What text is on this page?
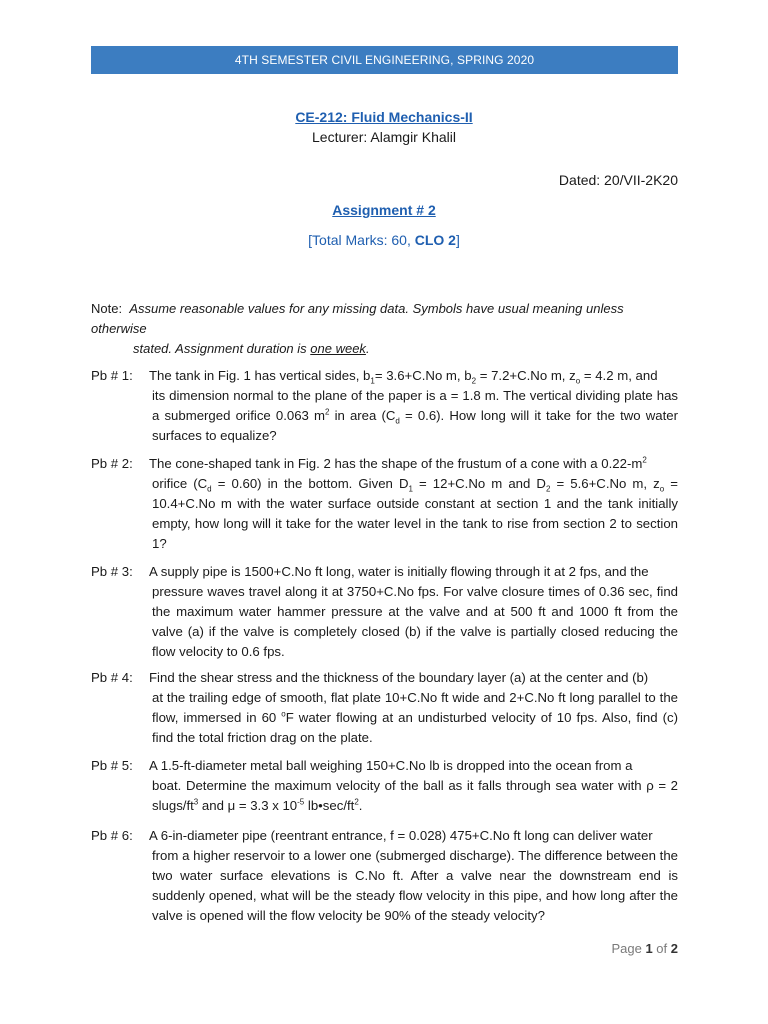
4TH SEMESTER CIVIL ENGINEERING, SPRING 2020
CE-212: Fluid Mechanics-II
Lecturer: Alamgir Khalil
Dated: 20/VII-2K20
Assignment # 2
[Total Marks: 60, CLO 2]
Note: Assume reasonable values for any missing data. Symbols have usual meaning unless otherwise
stated. Assignment duration is one week.
Pb # 1:	The tank in Fig. 1 has vertical sides, $b_1= 3.6+C.No$ m, $b_2 = 7.2+C.No$ m, $z_o = 4.2$ m, and
its dimension normal to the plane of the paper is a = 1.8 m. The vertical dividing plate has a submerged orifice 0.063 $m^2$ in area $(C_d = 0.6)$. How long will it take for the two water surfaces to equalize?
Pb # 2:	The cone-shaped tank in Fig. 2 has the shape of the frustum of a cone with a $0.22-m^2$
orifice $(C_d = 0.60)$ in the bottom. Given $D_1 = 12+C.No$ m and $D_2 = 5.6+C.No$ m, $z_o = 10.4+C.No$ m with the water surface outside constant at section 1 and the tank initially empty, how long will it take for the water level in the tank to rise from section 2 to section 1?
Pb # 3:	A supply pipe is 1500+C.No ft long, water is initially flowing through it at 2 fps, and the
pressure waves travel along it at 3750+C.No fps. For valve closure times of 0.36 sec, find the maximum water hammer pressure at the valve and at 500 ft and 1000 ft from the valve (a) if the valve is completely closed (b) if the valve is partially closed reducing the flow velocity to 0.6 fps.
Pb # 4:	Find the shear stress and the thickness of the boundary layer (a) at the center and (b)
at the trailing edge of smooth, flat plate 10+C.No ft wide and 2+C.No ft long parallel to the flow, immersed in 60 $^o$F water flowing at an undisturbed velocity of 10 fps. Also, find (c) find the total friction drag on the plate.
Pb # 5:	A 1.5-ft-diameter metal ball weighing 150+C.No lb is dropped into the ocean from a
boat. Determine the maximum velocity of the ball as it falls through sea water with ρ = 2 slugs/$ft^3$ and μ = 3.3 x $10^{-5}$ $lb•\sec/ft^2$.
Pb # 6:	A 6-in-diameter pipe (reentrant entrance, f = 0.028) 475+C.No ft long can deliver water
from a higher reservoir to a lower one (submerged discharge). The difference between the two water surface elevations is C.No ft. After a valve near the downstream end is suddenly opened, what will be the steady flow velocity in this pipe, and how long after the valve is opened will the flow velocity be 90% of the steady velocity?
Page 1 of 2
